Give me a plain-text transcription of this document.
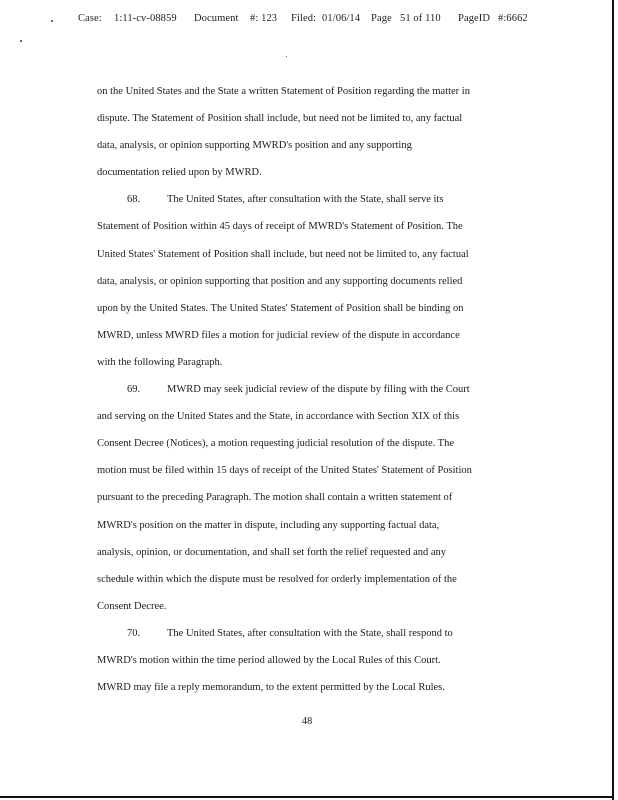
Case: 1:11-cv-08859 Document #: 123 Filed: 01/06/14 Page 51 of 110 PageID #:6662
on the United States and the State a written Statement of Position regarding the matter in
dispute. The Statement of Position shall include, but need not be limited to, any factual
data, analysis, or opinion supporting MWRD's position and any supporting
documentation relied upon by MWRD.
68.	The United States, after consultation with the State, shall serve its
Statement of Position within 45 days of receipt of MWRD's Statement of Position. The
United States' Statement of Position shall include, but need not be limited to, any factual
data, analysis, or opinion supporting that position and any supporting documents relied
upon by the United States. The United States' Statement of Position shall be binding on
MWRD, unless MWRD files a motion for judicial review of the dispute in accordance
with the following Paragraph.
69.	MWRD may seek judicial review of the dispute by filing with the Court
and serving on the United States and the State, in accordance with Section XIX of this
Consent Decree (Notices), a motion requesting judicial resolution of the dispute. The
motion must be filed within 15 days of receipt of the United States' Statement of Position
pursuant to the preceding Paragraph. The motion shall contain a written statement of
MWRD's position on the matter in dispute, including any supporting factual data,
analysis, opinion, or documentation, and shall set forth the relief requested and any
schedule within which the dispute must be resolved for orderly implementation of the
Consent Decree.
70.	The United States, after consultation with the State, shall respond to
MWRD's motion within the time period allowed by the Local Rules of this Court.
MWRD may file a reply memorandum, to the extent permitted by the Local Rules.
48
